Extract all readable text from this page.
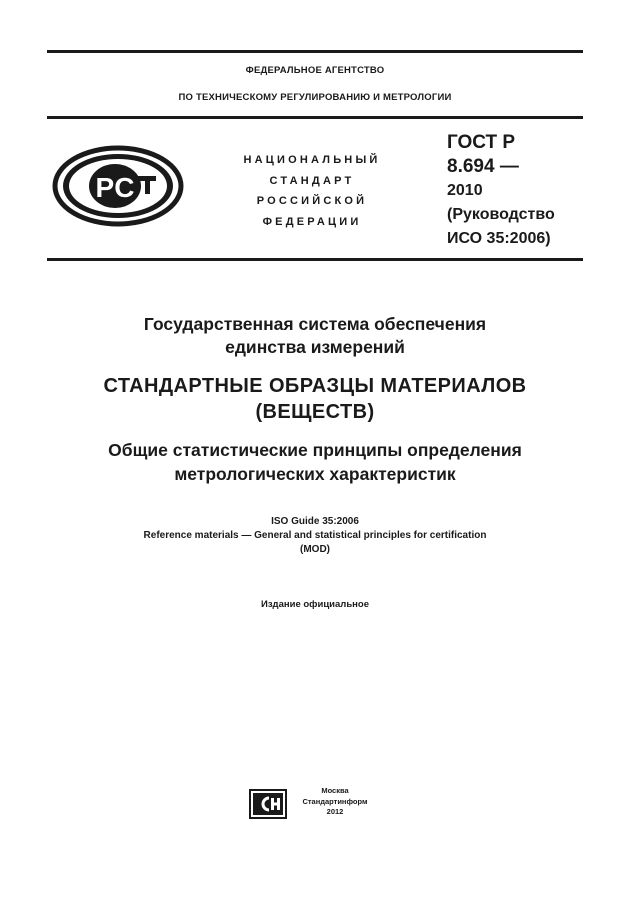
ФЕДЕРАЛЬНОЕ АГЕНТСТВО
ПО ТЕХНИЧЕСКОМУ РЕГУЛИРОВАНИЮ И МЕТРОЛОГИИ
PC
НАЦИОНАЛЬНЫЙ
СТАНДАРТ
РОССИЙСКОЙ
ФЕДЕРАЦИИ
ГОСТ Р
8.694 —
2010
(Руководство
ИСО 35:2006)
Государственная система обеспечения
единства измерений
СТАНДАРТНЫЕ ОБРАЗЦЫ МАТЕРИАЛОВ
(ВЕЩЕСТВ)
Общие статистические принципы определения
метрологических характеристик
ISO Guide 35:2006
Reference materials — General and statistical principles for certification
(MOD)
Издание официальное
Москва
Стандартинформ
2012
